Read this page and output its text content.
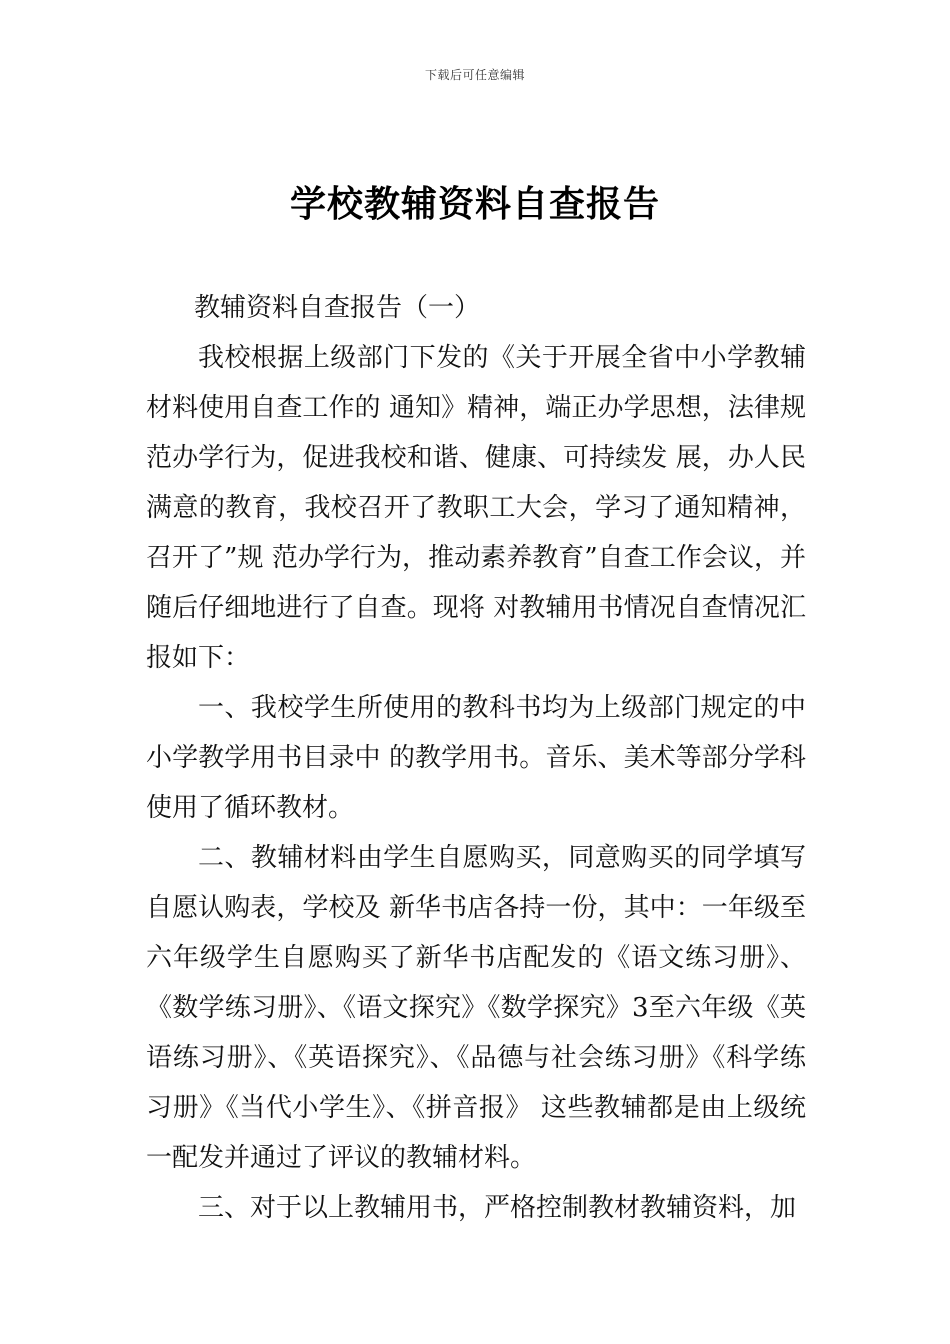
下载后可任意编辑
学校教辅资料自查报告

教辅资料自查报告（一）

我校根据上级部门下发的《关于开展全省中小学教辅材料使用自查工作的 通知》精神，端正办学思想，法律规范办学行为，促进我校和谐、健康、可持续发 展，办人民满意的教育，我校召开了教职工大会，学习了通知精神，召开了”规 范办学行为，推动素养教育”自查工作会议，并随后仔细地进行了自查。现将 对教辅用书情况自查情况汇报如下：

一、我校学生所使用的教科书均为上级部门规定的中小学教学用书目录中 的教学用书。音乐、美术等部分学科使用了循环教材。

二、教辅材料由学生自愿购买，同意购买的同学填写自愿认购表，学校及 新华书店各持一份，其中：一年级至六年级学生自愿购买了新华书店配发的《语文练习册》、《数学练习册》、《语文探究》《数学探究》3至六年级《英语练习册》、《英语探究》、《品德与社会练习册》《科学练习册》《当代小学生》、《拼音报》 这些教辅都是由上级统一配发并通过了评议的教辅材料。

三、对于以上教辅用书，严格控制教材教辅资料，加
